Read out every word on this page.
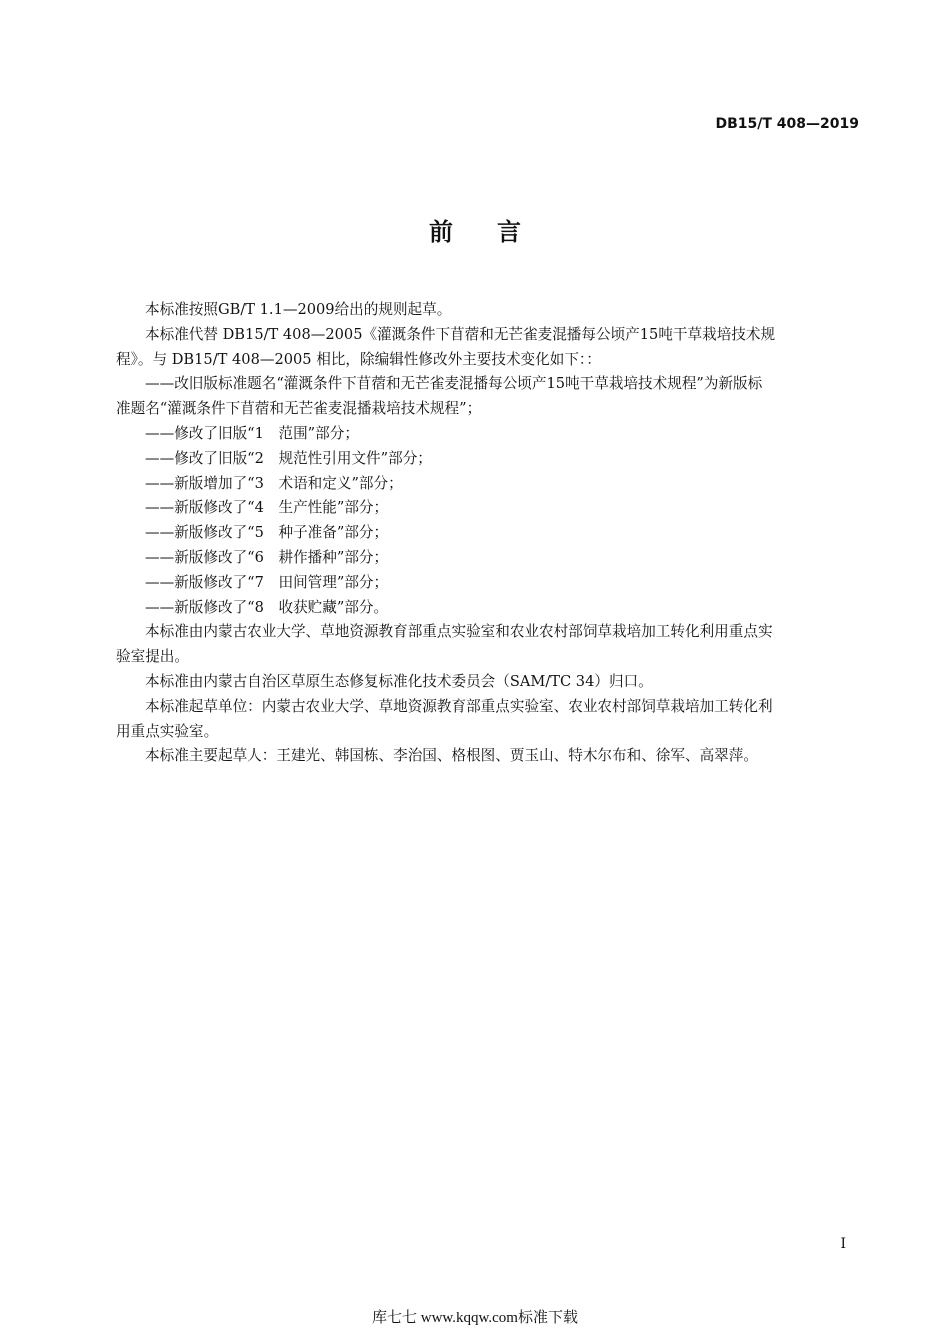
DB15/T 408—2019
前言
本标准按照GB/T 1.1—2009给出的规则起草。
本标准代替 DB15/T 408—2005《灌溉条件下苜蓿和无芒雀麦混播每公顷产15吨干草栽培技术规
程》。与 DB15/T 408—2005 相比，除编辑性修改外主要技术变化如下：：
——改旧版标准题名“灌溉条件下苜蓿和无芒雀麦混播每公顷产15吨干草栽培技术规程”为新版标
准题名“灌溉条件下苜蓿和无芒雀麦混播栽培技术规程”；
——修改了旧版“1　范围”部分；
——修改了旧版“2　规范性引用文件”部分；
——新版增加了“3　术语和定义”部分；
——新版修改了“4　生产性能”部分；
——新版修改了“5　种子准备”部分；
——新版修改了“6　耕作播种”部分；
——新版修改了“7　田间管理”部分；
——新版修改了“8　收获贮藏”部分。
本标准由内蒙古农业大学、草地资源教育部重点实验室和农业农村部饲草栽培加工转化利用重点实
验室提出。
本标准由内蒙古自治区草原生态修复标准化技术委员会（SAM/TC 34）归口。
本标准起草单位：内蒙古农业大学、草地资源教育部重点实验室、农业农村部饲草栽培加工转化利
用重点实验室。
本标准主要起草人：王建光、韩国栋、李治国、格根图、贾玉山、特木尔布和、徐军、高翠萍。
I
库七七 www.kqqw.com标准下载
